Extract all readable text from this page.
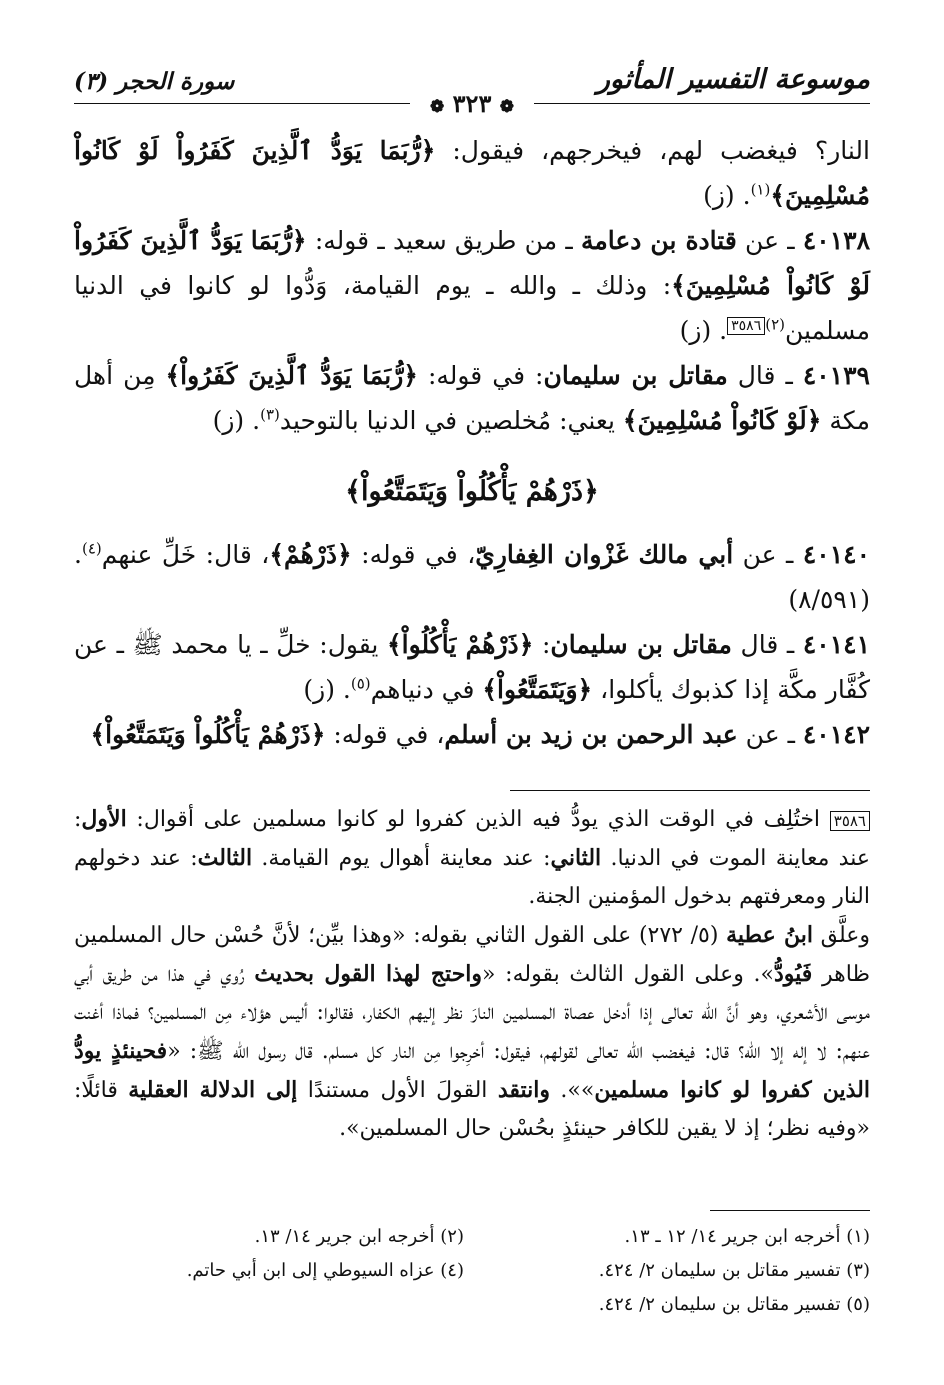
موسوعة التفسير المأثور
سورة الحجر (٣)
❁ ٣٢٣ ❁

النار؟ فيغضب لهم، فيخرجهم، فيقول: ﴿رُّبَمَا يَوَدُّ ٱلَّذِينَ كَفَرُواْ لَوْ كَانُواْ مُسْلِمِينَ﴾$^{(١)}$. (ز)

٤٠١٣٨ ـ عن قتادة بن دعامة ـ من طريق سعيد ـ قوله: ﴿رُّبَمَا يَوَدُّ ٱلَّذِينَ كَفَرُواْ لَوْ كَانُواْ مُسْلِمِينَ﴾: وذلك ـ والله ـ يوم القيامة، وَدُّوا لو كانوا في الدنيا مسلمين$^{(٢)٣٥٨٦}$. (ز)

٤٠١٣٩ ـ قال مقاتل بن سليمان: في قوله: ﴿رُّبَمَا يَوَدُّ ٱلَّذِينَ كَفَرُواْ﴾ مِن أهل مكة ﴿لَوْ كَانُواْ مُسْلِمِينَ﴾ يعني: مُخلصين في الدنيا بالتوحيد$^{(٣)}$. (ز)

﴿ذَرْهُمْ يَأْكُلُواْ وَيَتَمَتَّعُواْ﴾

٤٠١٤٠ ـ عن أبي مالك غَزْوان الغِفارِيّ، في قوله: ﴿ذَرْهُمْ﴾، قال: خَلِّ عنهم$^{(٤)}$. (٨/٥٩١)

٤٠١٤١ ـ قال مقاتل بن سليمان: ﴿ذَرْهُمْ يَأْكُلُواْ﴾ يقول: خلِّ ـ يا محمد ﷺ ـ عن كُفَّار مكَّة إذا كذبوك يأكلوا، ﴿وَيَتَمَتَّعُواْ﴾ في دنياهم$^{(٥)}$. (ز)

٤٠١٤٢ ـ عن عبد الرحمن بن زيد بن أسلم، في قوله: ﴿ذَرْهُمْ يَأْكُلُواْ وَيَتَمَتَّعُواْ﴾

٣٥٨٦ اختُلِف في الوقت الذي يودُّ فيه الذين كفروا لو كانوا مسلمين على أقوال: الأول: عند معاينة الموت في الدنيا. الثاني: عند معاينة أهوال يوم القيامة. الثالث: عند دخولهم النار ومعرفتهم بدخول المؤمنين الجنة.
وعلَّق ابنُ عطية (٥/ ٢٧٢) على القول الثاني بقوله: «وهذا بيِّن؛ لأنَّ حُسْن حال المسلمين ظاهر فَيُودُّ». وعلى القول الثالث بقوله: «واحتج لهذا القول بحديث رُوي في هذا من طريق أبي موسى الأشعري، وهو أنَّ الله تعالى إذا أدخل عصاة المسلمين النارَ نظر إليهم الكفار، فقالوا: أليس هؤلاء مِن المسلمين؟ فماذا أغنت عنهم: لا إله إلا الله؟ قال: فيغضب الله تعالى لقولهم، فيقول: أخرِجوا مِن النار كل مسلم. قال رسول الله ﷺ: «فحينئذٍ يودُّ الذين كفروا لو كانوا مسلمين»». وانتقد القولَ الأول مستندًا إلى الدلالة العقلية قائلًا: «وفيه نظر؛ إذ لا يقين للكافر حينئذٍ بحُسْن حال المسلمين».
(١) أخرجه ابن جرير ١٤/ ١٢ ـ ١٣.
(٢) أخرجه ابن جرير ١٤/ ١٣.
(٣) تفسير مقاتل بن سليمان ٢/ ٤٢٤.
(٤) عزاه السيوطي إلى ابن أبي حاتم.
(٥) تفسير مقاتل بن سليمان ٢/ ٤٢٤.
